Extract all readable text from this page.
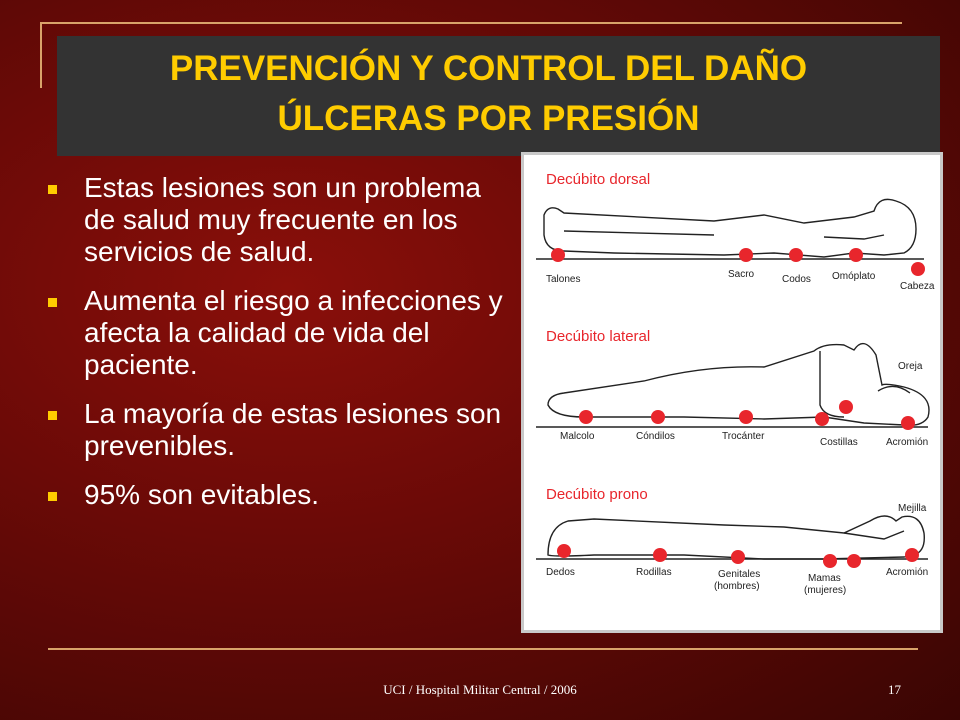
PREVENCIÓN Y CONTROL DEL DAÑO
ÚLCERAS POR PRESIÓN
Estas lesiones son un problema de salud muy frecuente en los servicios de salud.
Aumenta el riesgo a infecciones y afecta la calidad de vida del paciente.
La mayoría de estas lesiones son prevenibles.
95% son evitables.
Decúbito dorsal
Talones	Sacro	Codos Omóplato
Cabeza
Decúbito lateral
Oreja
Malcolo	Cóndilos	Trocánter
Costillas	Acromión
Decúbito prono
Mejilla
Dedos	Rodillas	Genitales
(hombres)
Mamas
(mujeres)
Acromión
UCI / Hospital Militar Central / 2006	17
